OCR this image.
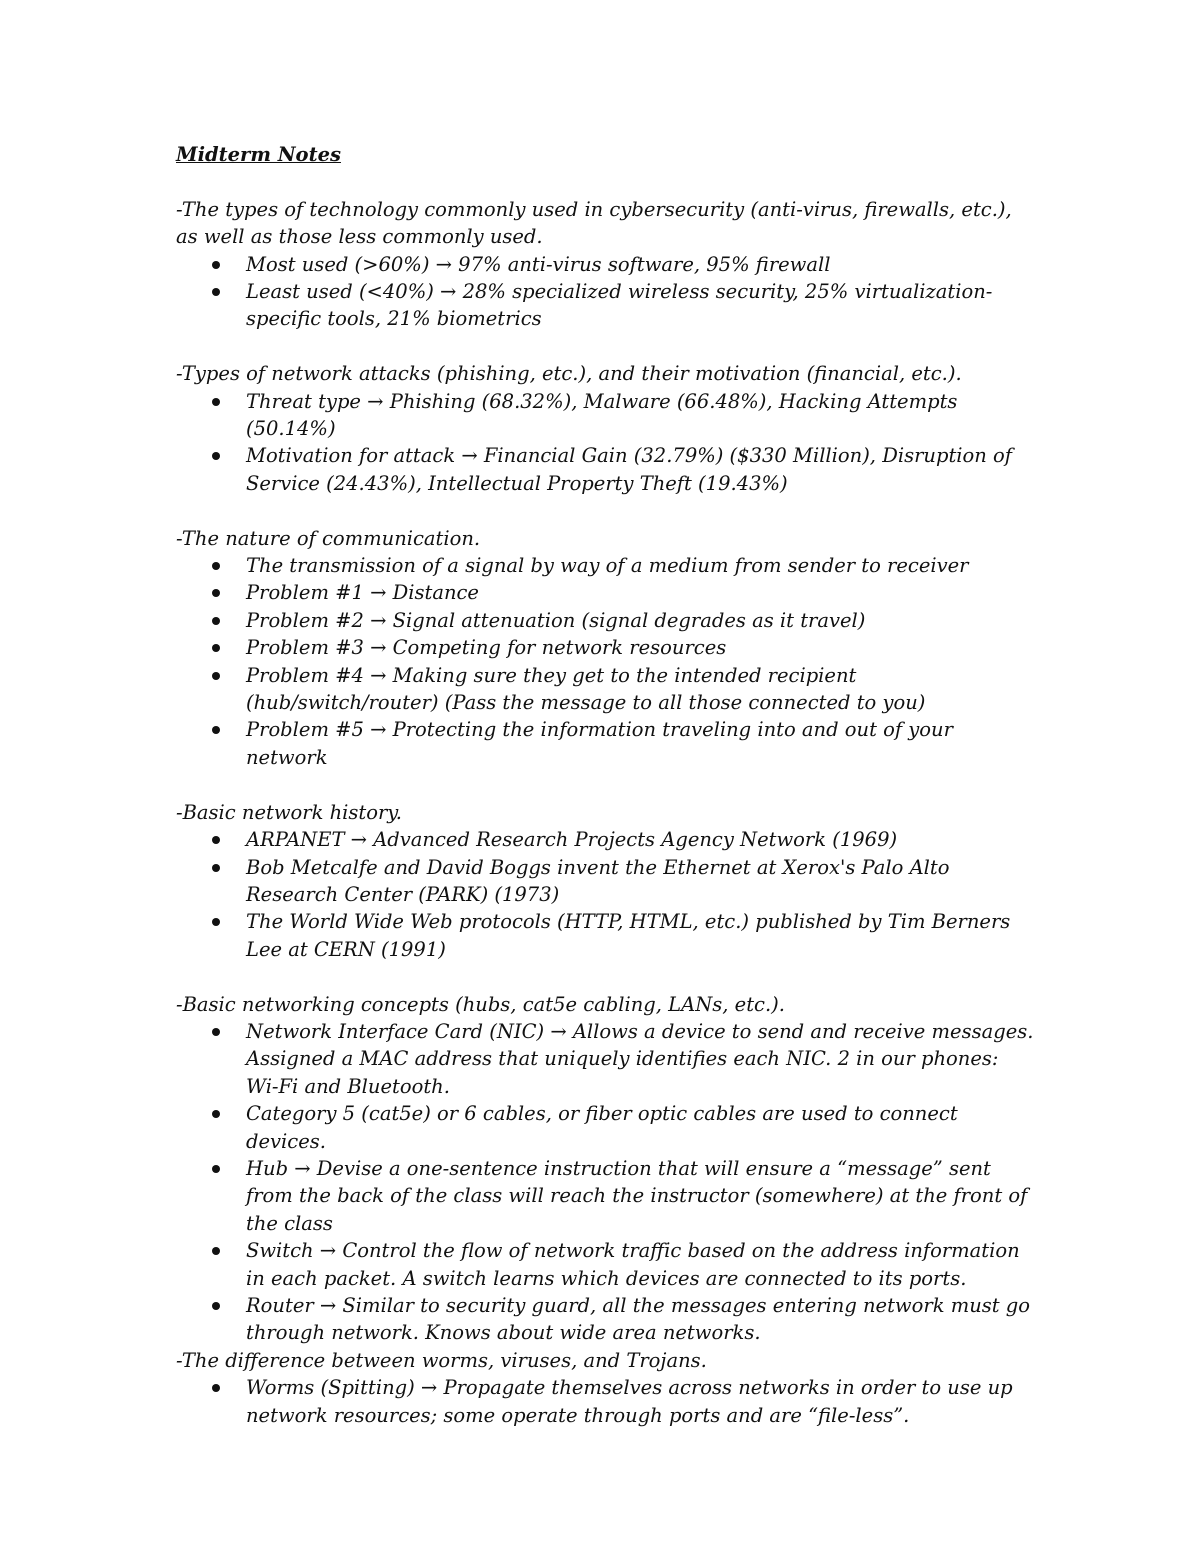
Midterm Notes

-The types of technology commonly used in cybersecurity (anti-virus, firewalls, etc.), as well as those less commonly used.

Most used (>60%) → 97% anti-virus software, 95% firewall
Least used (<40%) → 28% specialized wireless security, 25% virtualization-specific tools, 21% biometrics

-Types of network attacks (phishing, etc.), and their motivation (financial, etc.).

Threat type → Phishing (68.32%), Malware (66.48%), Hacking Attempts (50.14%)
Motivation for attack → Financial Gain (32.79%) ($330 Million), Disruption of Service (24.43%), Intellectual Property Theft (19.43%)

-The nature of communication.

The transmission of a signal by way of a medium from sender to receiver
Problem #1 → Distance
Problem #2 → Signal attenuation (signal degrades as it travel)
Problem #3 → Competing for network resources
Problem #4 → Making sure they get to the intended recipient (hub/switch/router) (Pass the message to all those connected to you)
Problem #5 → Protecting the information traveling into and out of your network

-Basic network history.

ARPANET → Advanced Research Projects Agency Network (1969)
Bob Metcalfe and David Boggs invent the Ethernet at Xerox's Palo Alto Research Center (PARK) (1973)
The World Wide Web protocols (HTTP, HTML, etc.) published by Tim Berners Lee at CERN (1991)

-Basic networking concepts (hubs, cat5e cabling, LANs, etc.).

Network Interface Card (NIC) → Allows a device to send and receive messages. Assigned a MAC address that uniquely identifies each NIC. 2 in our phones: Wi-Fi and Bluetooth.
Category 5 (cat5e) or 6 cables, or fiber optic cables are used to connect devices.
Hub → Devise a one-sentence instruction that will ensure a “message” sent from the back of the class will reach the instructor (somewhere) at the front of the class
Switch → Control the flow of network traffic based on the address information in each packet. A switch learns which devices are connected to its ports.
Router → Similar to security guard, all the messages entering network must go through network. Knows about wide area networks.

-The difference between worms, viruses, and Trojans.

Worms (Spitting) → Propagate themselves across networks in order to use up network resources; some operate through ports and are “file-less”.
